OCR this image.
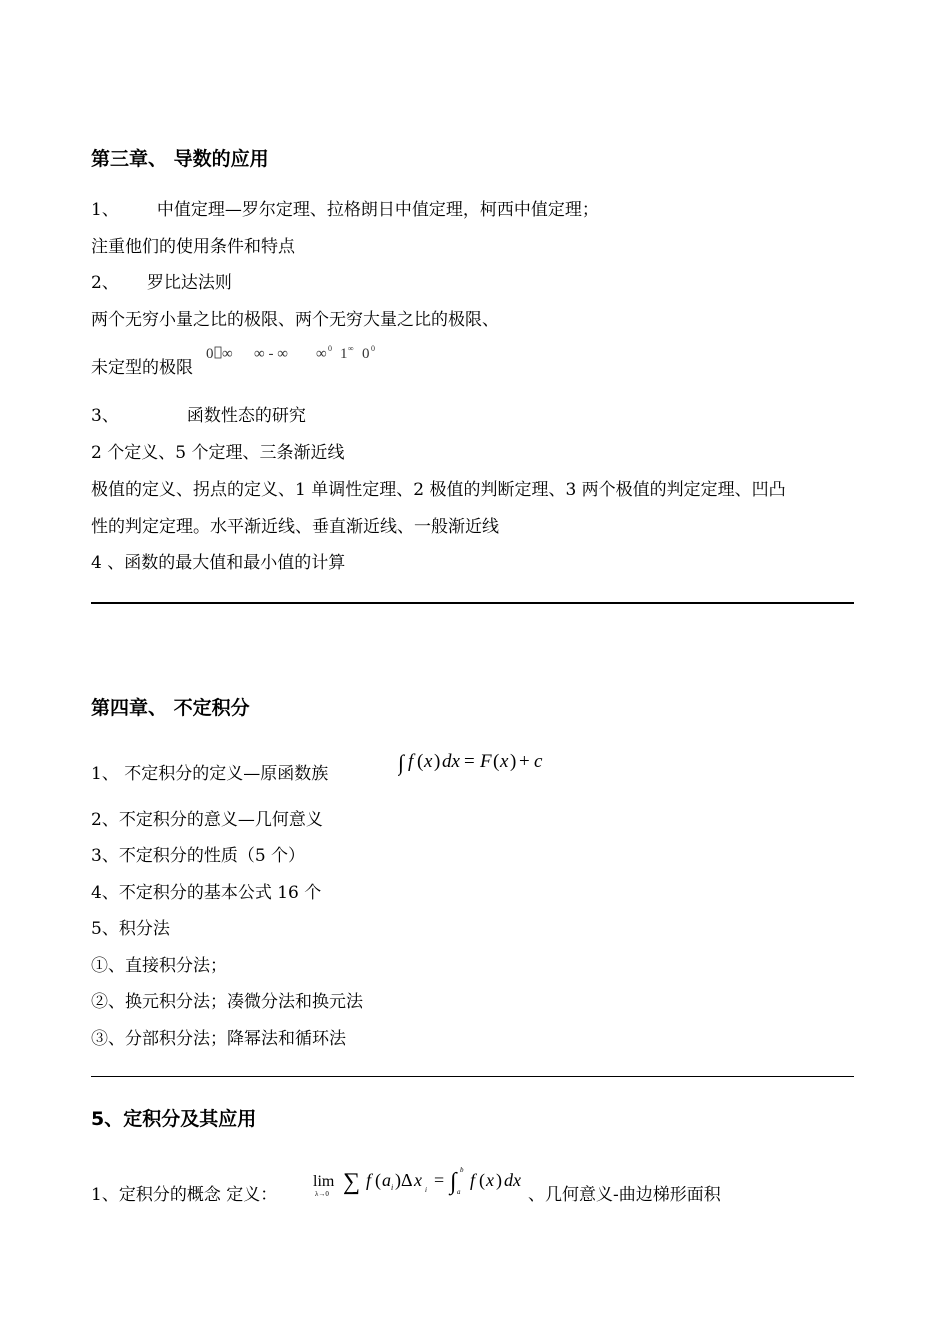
第三章、 导数的应用
1、 中值定理—罗尔定理、拉格朗日中值定理，柯西中值定理；
注重他们的使用条件和特点
2、 罗比达法则
两个无穷小量之比的极限、两个无穷大量之比的极限、
未定型的极限
0 ∞ ∞ - ∞ ∞ 0 1 ∞ 0 0
3、	函数性态的研究
2 个定义、5 个定理、三条渐近线
极值的定义、拐点的定义、1 单调性定理、2 极值的判断定理、3 两个极值的判定定理、凹凸
性的判定定理。水平渐近线、垂直渐近线、一般渐近线
4 、函数的最大值和最小值的计算
第四章、 不定积分
1、 不定积分的定义—原函数族	∫ f ( x ) dx = F ( x ) + c
2、不定积分的意义—几何意义
3、不定积分的性质（5 个）
4、不定积分的基本公式 16 个
5、积分法
①、直接积分法；
②、换元积分法；凑微分法和换元法
③、分部积分法；降幂法和循环法
5、定积分及其应用
1、定积分的概念 定义：
lim
λ→0 ∑ f ( a i )Δ x i = ∫ b
a
f ( x ) dx
、几何意义-曲边梯形面积
